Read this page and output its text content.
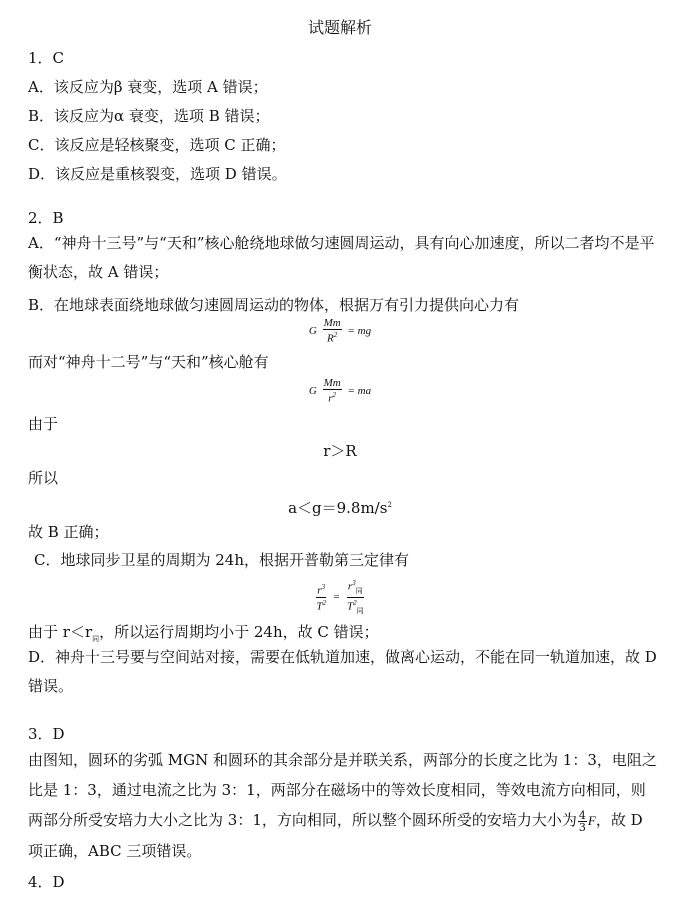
试题解析
1．C
A．该反应为β 衰变，选项 A 错误；
B．该反应为α 衰变，选项 B 错误；
C．该反应是轻核聚变，选项 C 正确；
D．该反应是重核裂变，选项 D 错误。
2．B
A．“神舟十三号”与“天和”核心舱绕地球做匀速圆周运动，具有向心加速度，所以二者均不是平衡状态，故 A 错误；
B．在地球表面绕地球做匀速圆周运动的物体，根据万有引力提供向心力有
G $\frac{Mm}{R^2}$ = mg
而对“神舟十二号”与“天和”核心舱有
G $\frac{Mm}{r^2}$ = ma
由于
r＞R
所以
$a<g=9.8m/s^2$
故 B 正确；
C．地球同步卫星的周期为 24h，根据开普勒第三定律有
$\frac{r^3}{T^2} = \frac{r^3_同}{T^2_同}$
由于 $r<r_同$，所以运行周期均小于 24h，故 C 错误；
D．神舟十三号要与空间站对接，需要在低轨道加速，做离心运动，不能在同一轨道加速，故 D 错误。
3．D
由图知，圆环的劣弧 MGN 和圆环的其余部分是并联关系，两部分的长度之比为 1：3，电阻之比是 1：3，通过电流之比为 3：1，两部分在磁场中的等效长度相同，等效电流方向相同，则两部分所受安培力大小之比为 3：1，方向相同，所以整个圆环所受的安培力大小为 $\frac{4}{3}$ F，故 D 项正确，ABC 三项错误。
4．D
